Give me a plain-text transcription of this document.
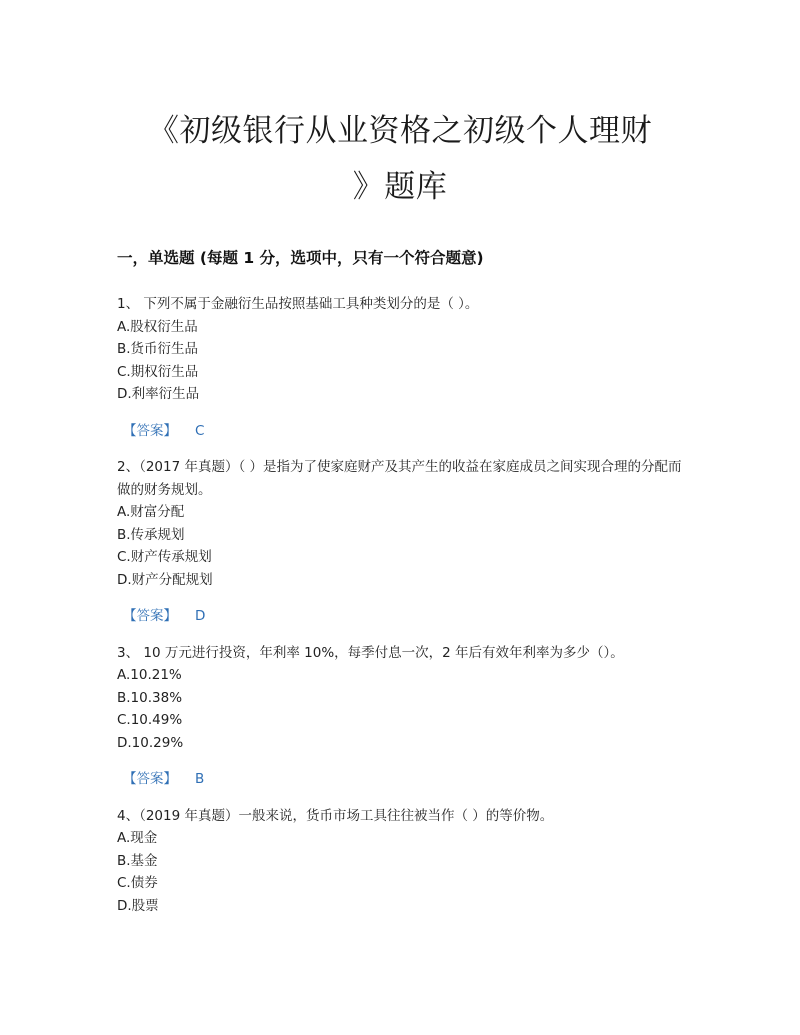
《初级银行从业资格之初级个人理财
》题库
一，单选题 (每题 1 分，选项中，只有一个符合题意)
1、 下列不属于金融衍生品按照基础工具种类划分的是（ ）。
A.股权衍生品
B.货币衍生品
C.期权衍生品
D.利率衍生品
【答案】 C
2、（2017 年真题）（ ）是指为了使家庭财产及其产生的收益在家庭成员之间实现合理的分配而做的财务规划。
A.财富分配
B.传承规划
C.财产传承规划
D.财产分配规划
【答案】 D
3、 10 万元进行投资，年利率 10%，每季付息一次，2 年后有效年利率为多少（）。
A.10.21%
B.10.38%
C.10.49%
D.10.29%
【答案】 B
4、（2019 年真题）一般来说，货币市场工具往往被当作（ ）的等价物。
A.现金
B.基金
C.债券
D.股票
